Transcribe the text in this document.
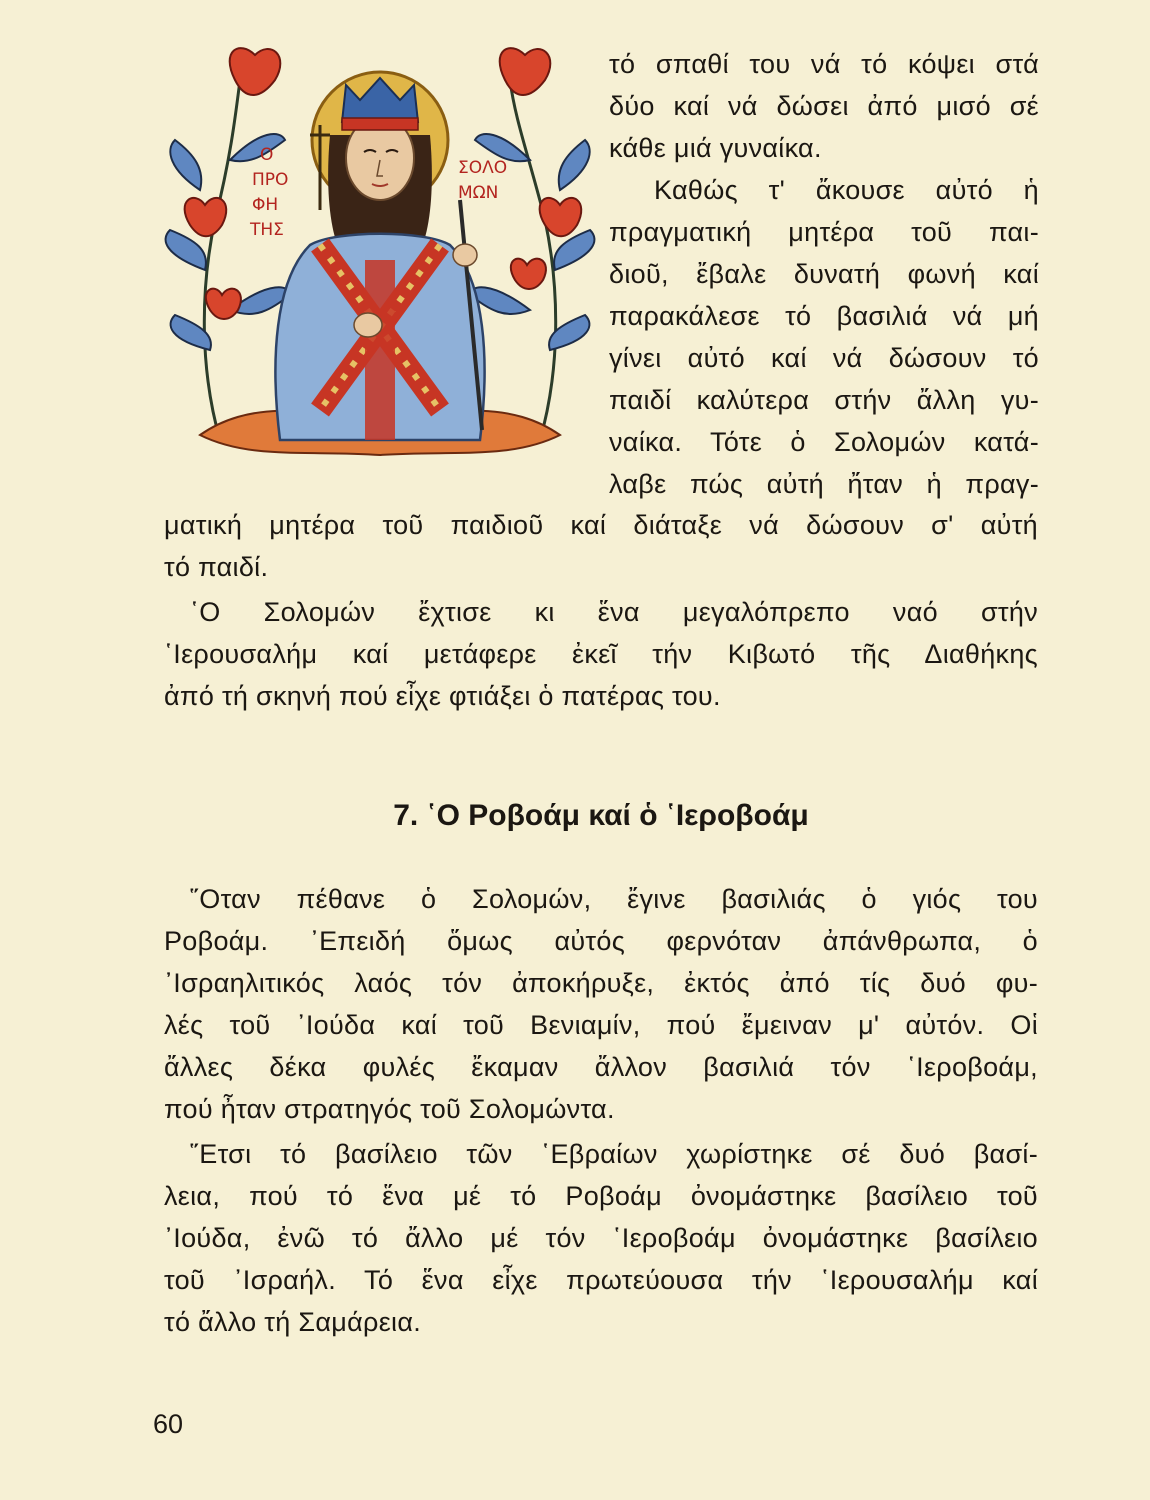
Ο
ΠΡΟ
ΦΗ
ΤΗΣ
ΣΟΛΟ
ΜΩΝ
τό σπαθί του νά τό κόψει στά
δύο καί νά δώσει ἀπό μισό σέ
κάθε μιά γυναίκα.
Καθώς τ' ἄκουσε αὐτό ἡ
πραγματική μητέρα τοῦ παι-
διοῦ, ἔβαλε δυνατή φωνή καί
παρακάλεσε τό βασιλιά νά μή
γίνει αὐτό καί νά δώσουν τό
παιδί καλύτερα στήν ἄλλη γυ-
ναίκα. Τότε ὁ Σολομών κατά-
λαβε πώς αὐτή ἤταν ἡ πραγ-
ματική μητέρα τοῦ παιδιοῦ καί διάταξε νά δώσουν σ' αὐτή
τό παιδί.
῾Ο Σολομών ἔχτισε κι ἕνα μεγαλόπρεπο ναό στήν
῾Ιερουσαλήμ καί μετάφερε ἐκεῖ τήν Κιβωτό τῆς Διαθήκης
ἀπό τή σκηνή πού εἶχε φτιάξει ὁ πατέρας του.
7. ῾Ο Ροβοάμ καί ὁ ῾Ιεροβοάμ
῞Οταν πέθανε ὁ Σολομών, ἔγινε βασιλιάς ὁ γιός του
Ροβοάμ. ᾿Επειδή ὅμως αὐτός φερνόταν ἀπάνθρωπα, ὁ
᾿Ισραηλιτικός λαός τόν ἀποκήρυξε, ἐκτός ἀπό τίς δυό φυ-
λές τοῦ ᾿Ιούδα καί τοῦ Βενιαμίν, πού ἔμειναν μ' αὐτόν. Οἱ
ἄλλες δέκα φυλές ἔκαμαν ἄλλον βασιλιά τόν ῾Ιεροβοάμ,
πού ἦταν στρατηγός τοῦ Σολομώντα.
῞Ετσι τό βασίλειο τῶν ῾Εβραίων χωρίστηκε σέ δυό βασί-
λεια, πού τό ἕνα μέ τό Ροβοάμ ὀνομάστηκε βασίλειο τοῦ
᾿Ιούδα, ἐνῶ τό ἄλλο μέ τόν ῾Ιεροβοάμ ὀνομάστηκε βασίλειο
τοῦ ᾿Ισραήλ. Τό ἕνα εἶχε πρωτεύουσα τήν ῾Ιερουσαλήμ καί
τό ἄλλο τή Σαμάρεια.
60
